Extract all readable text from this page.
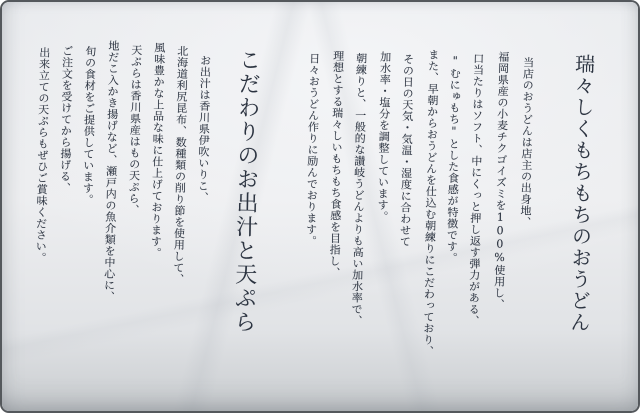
瑞々しくもちもちのおうどん

当店のおうどんは店主の出身地、

福岡県産の小麦チクゴイズミを100%使用し、

口当たりはソフト、中にくっと押し返す弾力がある、

"むにゅもち"とした食感が特徴です。

また、早朝からおうどんを仕込む朝練りにこだわっており、

その日の天気・気温・湿度に合わせて

加水率・塩分を調整しています。

朝練りと、一般的な讃岐うどんよりも高い加水率で、

理想とする瑞々しいもちもち食感を目指し、

日々おうどん作りに励んでおります。

こだわりのお出汁と天ぷら

お出汁は香川県伊吹いりこ、

北海道利尻昆布、数種類の削り節を使用して、

風味豊かな上品な味に仕上げております。

天ぷらは香川県産はもの天ぷら、

地だこ入かき揚げなど、瀬戸内の魚介類を中心に、

旬の食材をご提供しています。

ご注文を受けてから揚げる、

出来立ての天ぷらもぜひご賞味ください。
